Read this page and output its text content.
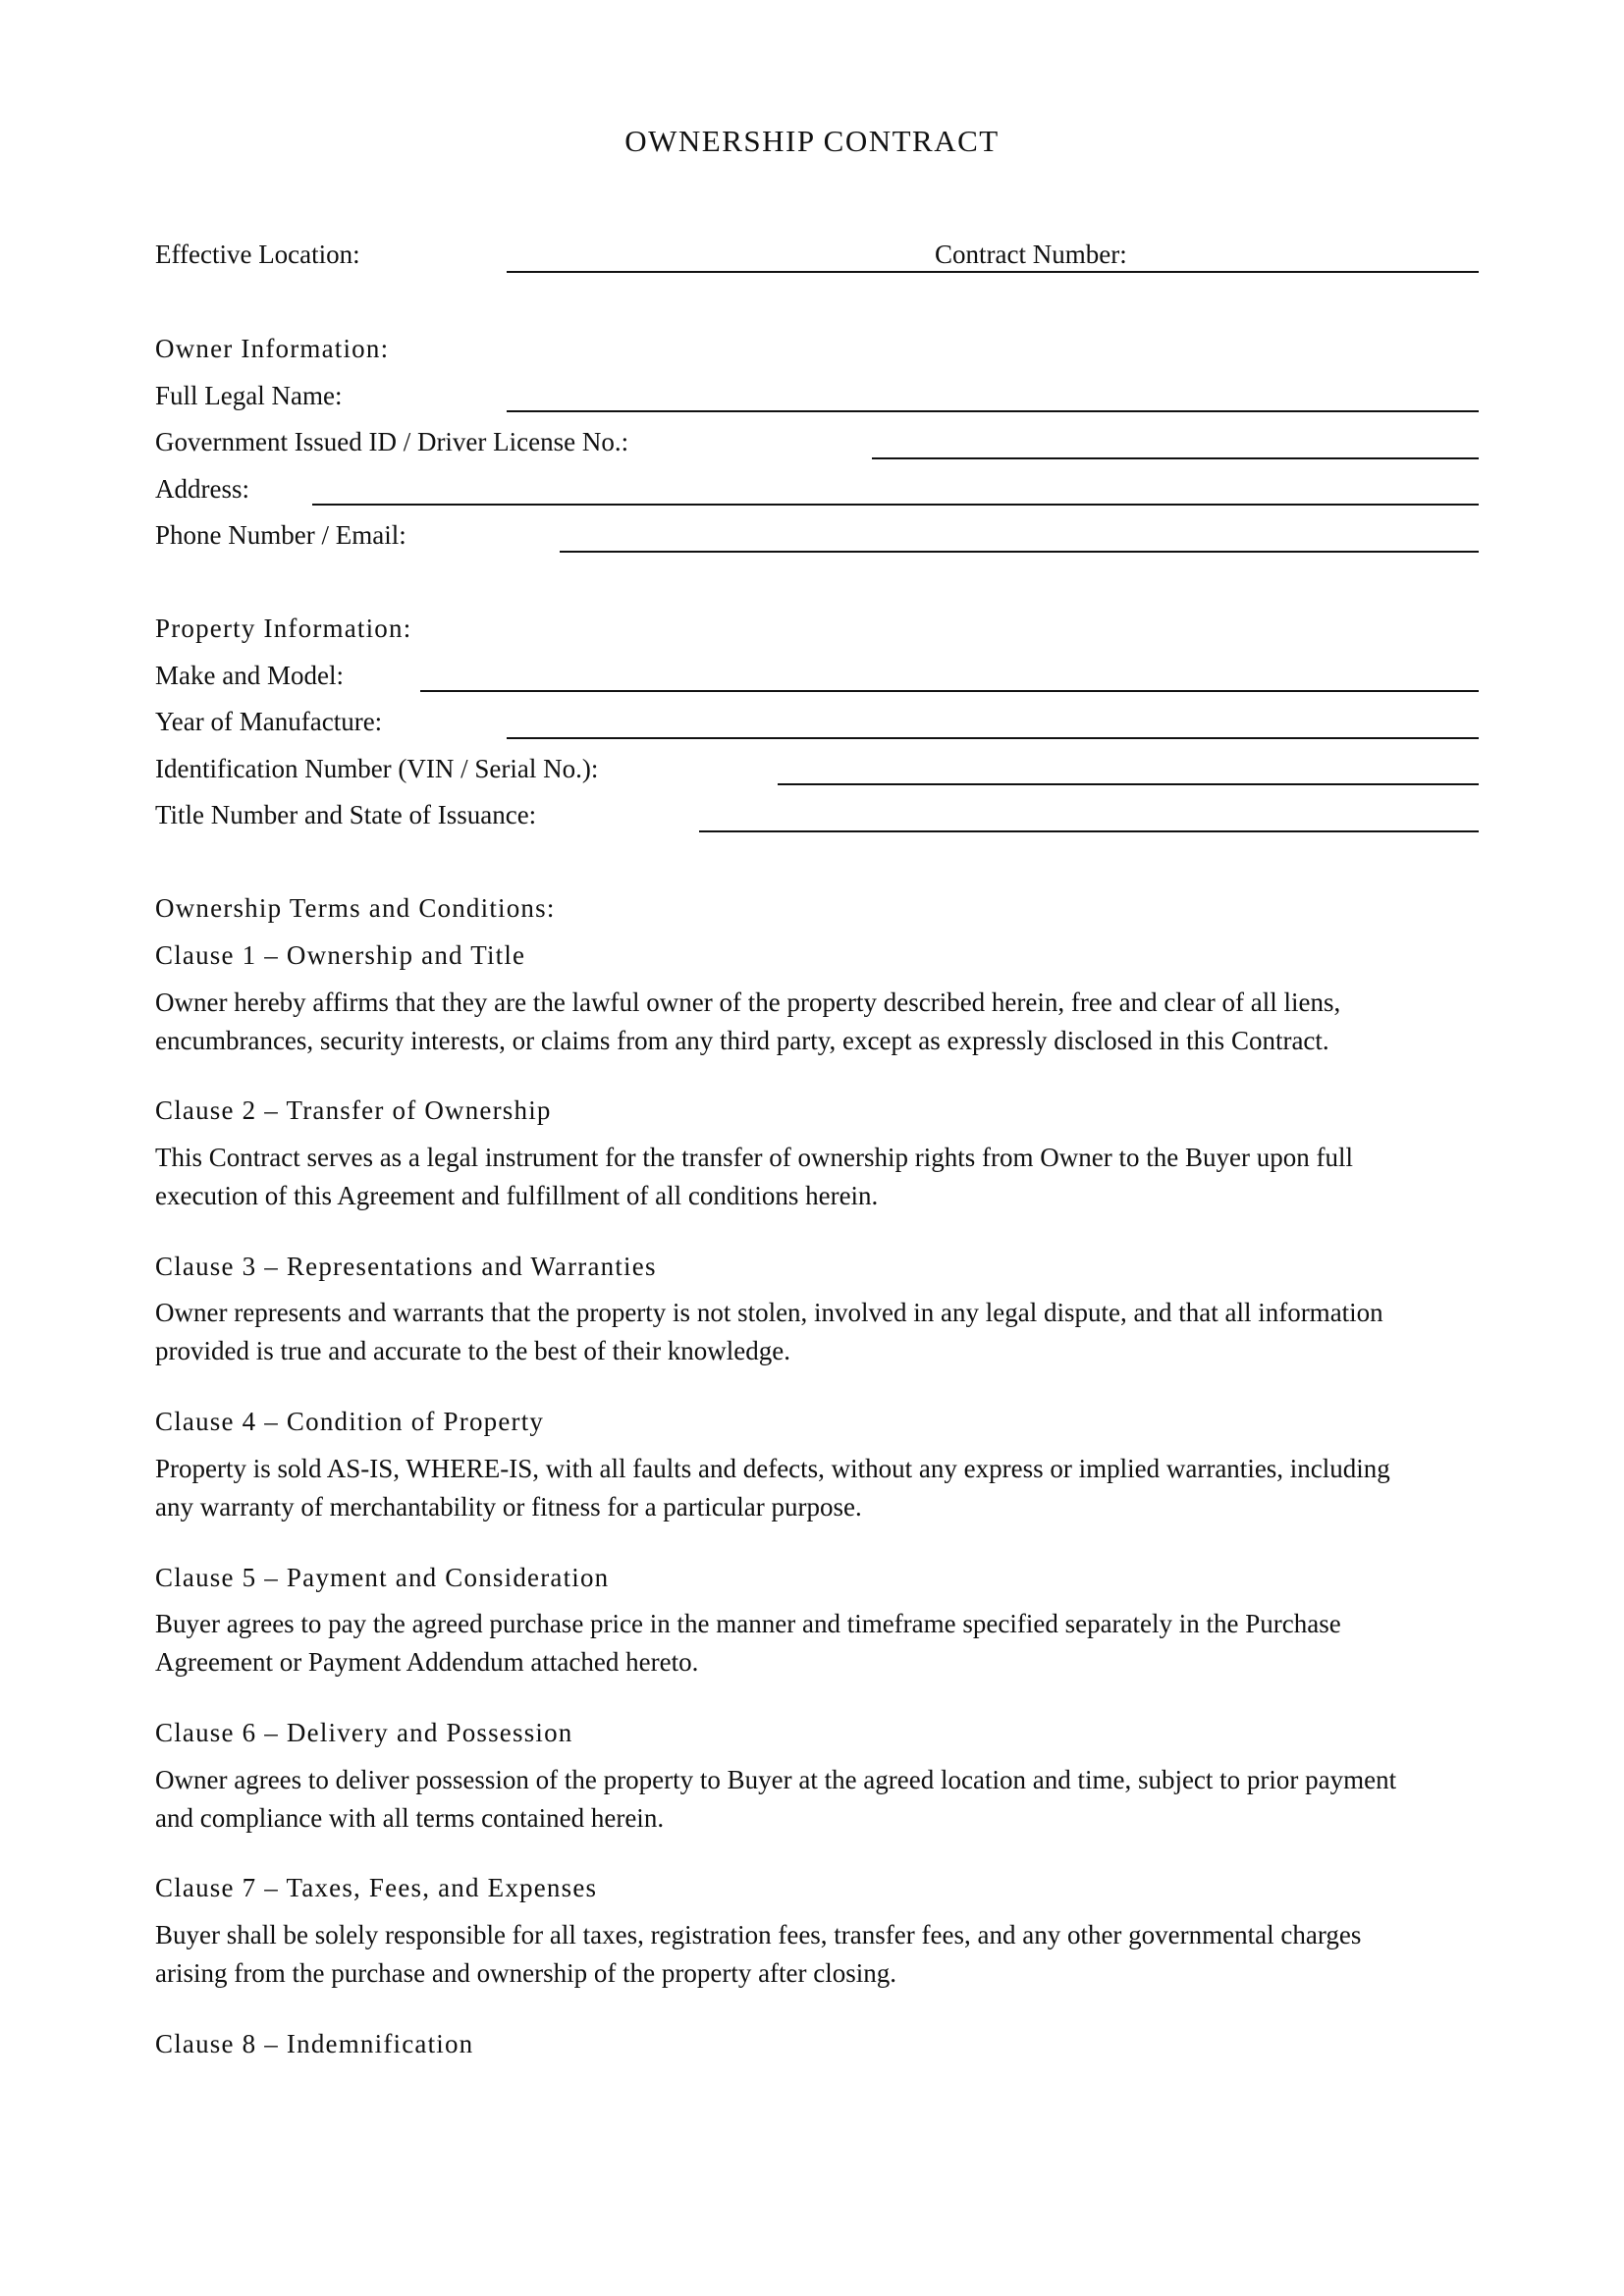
OWNERSHIP CONTRACT
Effective Location:	Contract Number:
Owner Information:
Full Legal Name:
Government Issued ID / Driver License No.:
Address:
Phone Number / Email:
Property Information:
Make and Model:
Year of Manufacture:
Identification Number (VIN / Serial No.):
Title Number and State of Issuance:
Ownership Terms and Conditions:
Clause 1 – Ownership and Title
Owner hereby affirms that they are the lawful owner of the property described herein, free and clear of all liens,
encumbrances, security interests, or claims from any third party, except as expressly disclosed in this Contract.
Clause 2 – Transfer of Ownership
This Contract serves as a legal instrument for the transfer of ownership rights from Owner to the Buyer upon full
execution of this Agreement and fulfillment of all conditions herein.
Clause 3 – Representations and Warranties
Owner represents and warrants that the property is not stolen, involved in any legal dispute, and that all information
provided is true and accurate to the best of their knowledge.
Clause 4 – Condition of Property
Property is sold AS-IS, WHERE-IS, with all faults and defects, without any express or implied warranties, including
any warranty of merchantability or fitness for a particular purpose.
Clause 5 – Payment and Consideration
Buyer agrees to pay the agreed purchase price in the manner and timeframe specified separately in the Purchase
Agreement or Payment Addendum attached hereto.
Clause 6 – Delivery and Possession
Owner agrees to deliver possession of the property to Buyer at the agreed location and time, subject to prior payment
and compliance with all terms contained herein.
Clause 7 – Taxes, Fees, and Expenses
Buyer shall be solely responsible for all taxes, registration fees, transfer fees, and any other governmental charges
arising from the purchase and ownership of the property after closing.
Clause 8 – Indemnification
